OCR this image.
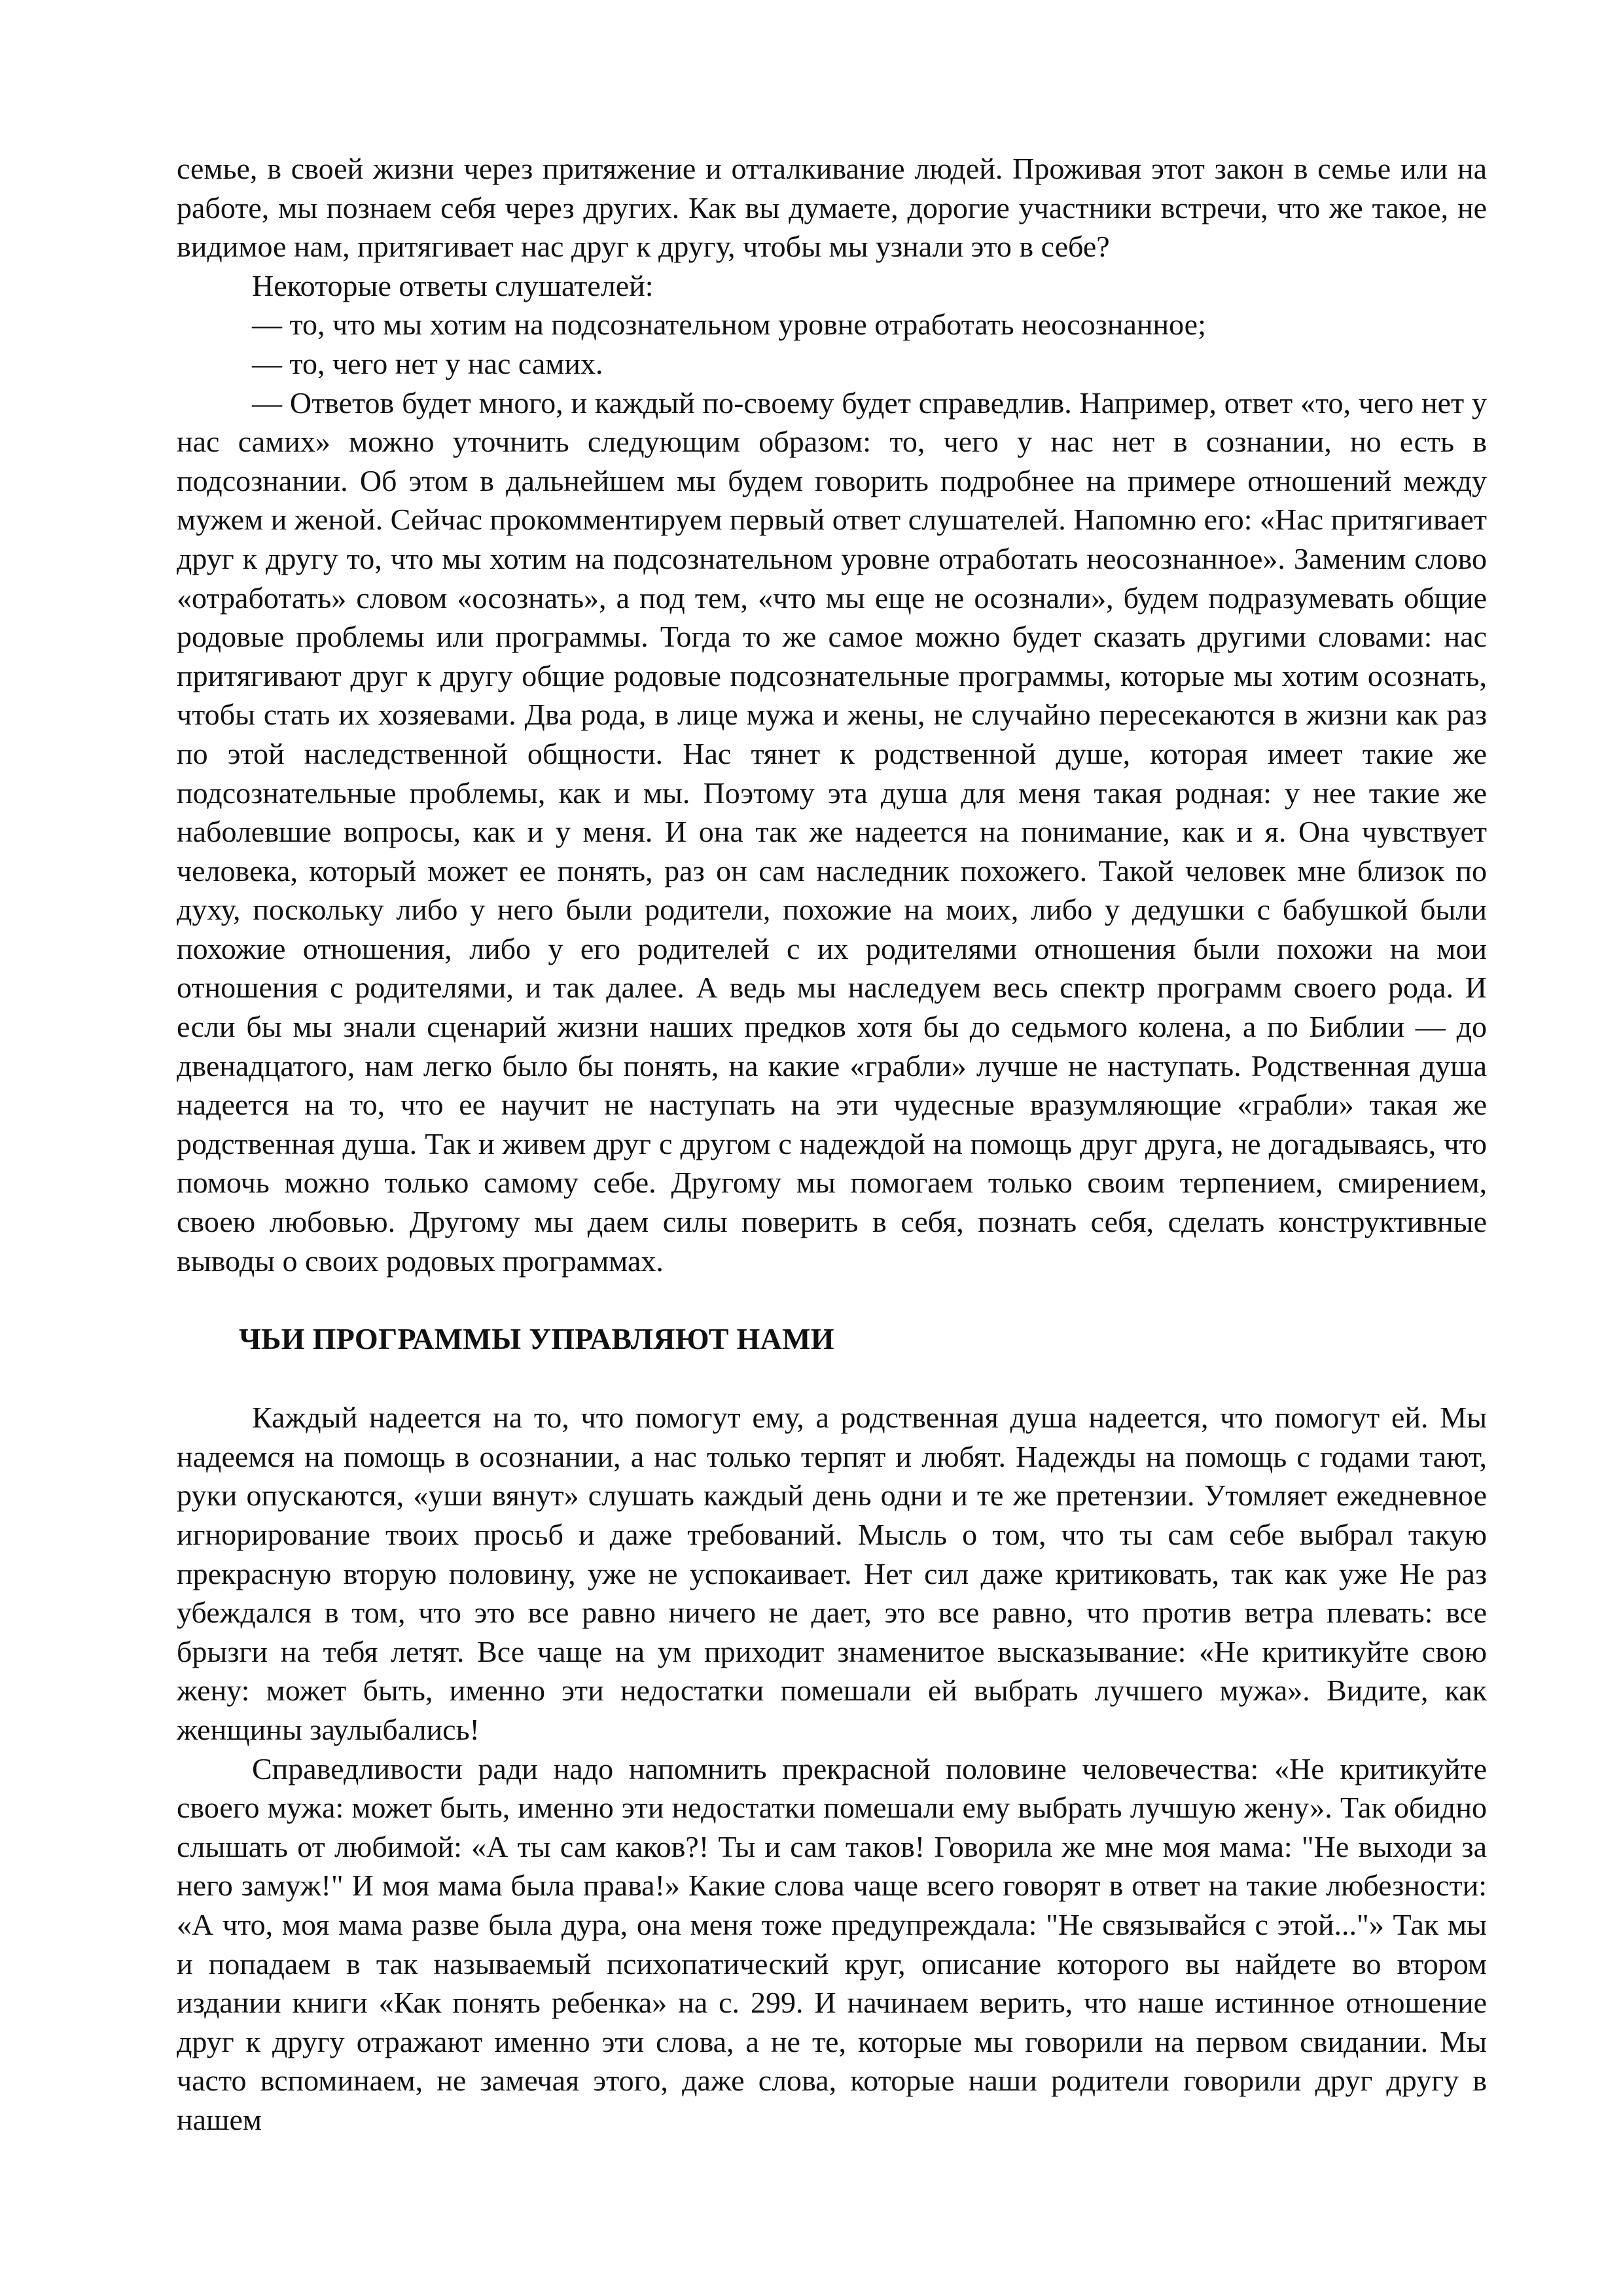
семье, в своей жизни через притяжение и отталкивание людей. Проживая этот закон в семье или на работе, мы познаем себя через других. Как вы думаете, дорогие участники встречи, что же такое, не видимое нам, притягивает нас друг к другу, чтобы мы узнали это в себе?

Некоторые ответы слушателей:

— то, что мы хотим на подсознательном уровне отработать неосознанное;

— то, чего нет у нас самих.

— Ответов будет много, и каждый по-своему будет справедлив. Например, ответ «то, чего нет у нас самих» можно уточнить следующим образом: то, чего у нас нет в сознании, но есть в подсознании. Об этом в дальнейшем мы будем говорить подробнее на примере отношений между мужем и женой. Сейчас прокомментируем первый ответ слушателей. Напомню его: «Нас притягивает друг к другу то, что мы хотим на подсознательном уровне отработать неосознанное». Заменим слово «отработать» словом «осознать», а под тем, «что мы еще не осознали», будем подразумевать общие родовые проблемы или программы. Тогда то же самое можно будет сказать другими словами: нас притягивают друг к другу общие родовые подсознательные программы, которые мы хотим осознать, чтобы стать их хозяевами. Два рода, в лице мужа и жены, не случайно пересекаются в жизни как раз по этой наследственной общности. Нас тянет к родственной душе, которая имеет такие же подсознательные проблемы, как и мы. Поэтому эта душа для меня такая родная: у нее такие же наболевшие вопросы, как и у меня. И она так же надеется на понимание, как и я. Она чувствует человека, который может ее понять, раз он сам наследник похожего. Такой человек мне близок по духу, поскольку либо у него были родители, похожие на моих, либо у дедушки с бабушкой были похожие отношения, либо у его родителей с их родителями отношения были похожи на мои отношения с родителями, и так далее. А ведь мы наследуем весь спектр программ своего рода. И если бы мы знали сценарий жизни наших предков хотя бы до седьмого колена, а по Библии — до двенадцатого, нам легко было бы понять, на какие «грабли» лучше не наступать. Родственная душа надеется на то, что ее научит не наступать на эти чудесные вразумляющие «грабли» такая же родственная душа. Так и живем друг с другом с надеждой на помощь друг друга, не догадываясь, что помочь можно только самому себе. Другому мы помогаем только своим терпением, смирением, своею любовью. Другому мы даем силы поверить в себя, познать себя, сделать конструктивные выводы о своих родовых программах.

ЧЬИ ПРОГРАММЫ УПРАВЛЯЮТ НАМИ

Каждый надеется на то, что помогут ему, а родственная душа надеется, что помогут ей. Мы надеемся на помощь в осознании, а нас только терпят и любят. Надежды на помощь с годами тают, руки опускаются, «уши вянут» слушать каждый день одни и те же претензии. Утомляет ежедневное игнорирование твоих просьб и даже требований. Мысль о том, что ты сам себе выбрал такую прекрасную вторую половину, уже не успокаивает. Нет сил даже критиковать, так как уже Не раз убеждался в том, что это все равно ничего не дает, это все равно, что против ветра плевать: все брызги на тебя летят. Все чаще на ум приходит знаменитое высказывание: «Не критикуйте свою жену: может быть, именно эти недостатки помешали ей выбрать лучшего мужа». Видите, как женщины заулыбались!

Справедливости ради надо напомнить прекрасной половине человечества: «Не критикуйте своего мужа: может быть, именно эти недостатки помешали ему выбрать лучшую жену». Так обидно слышать от любимой: «А ты сам каков?! Ты и сам таков! Говорила же мне моя мама: "Не выходи за него замуж!" И моя мама была права!» Какие слова чаще всего говорят в ответ на такие любезности: «А что, моя мама разве была дура, она меня тоже предупреждала: "Не связывайся с этой..."» Так мы и попадаем в так называемый психопатический круг, описание которого вы найдете во втором издании книги «Как понять ребенка» на с. 299. И начинаем верить, что наше истинное отношение друг к другу отражают именно эти слова, а не те, которые мы говорили на первом свидании. Мы часто вспоминаем, не замечая этого, даже слова, которые наши родители говорили друг другу в нашем
